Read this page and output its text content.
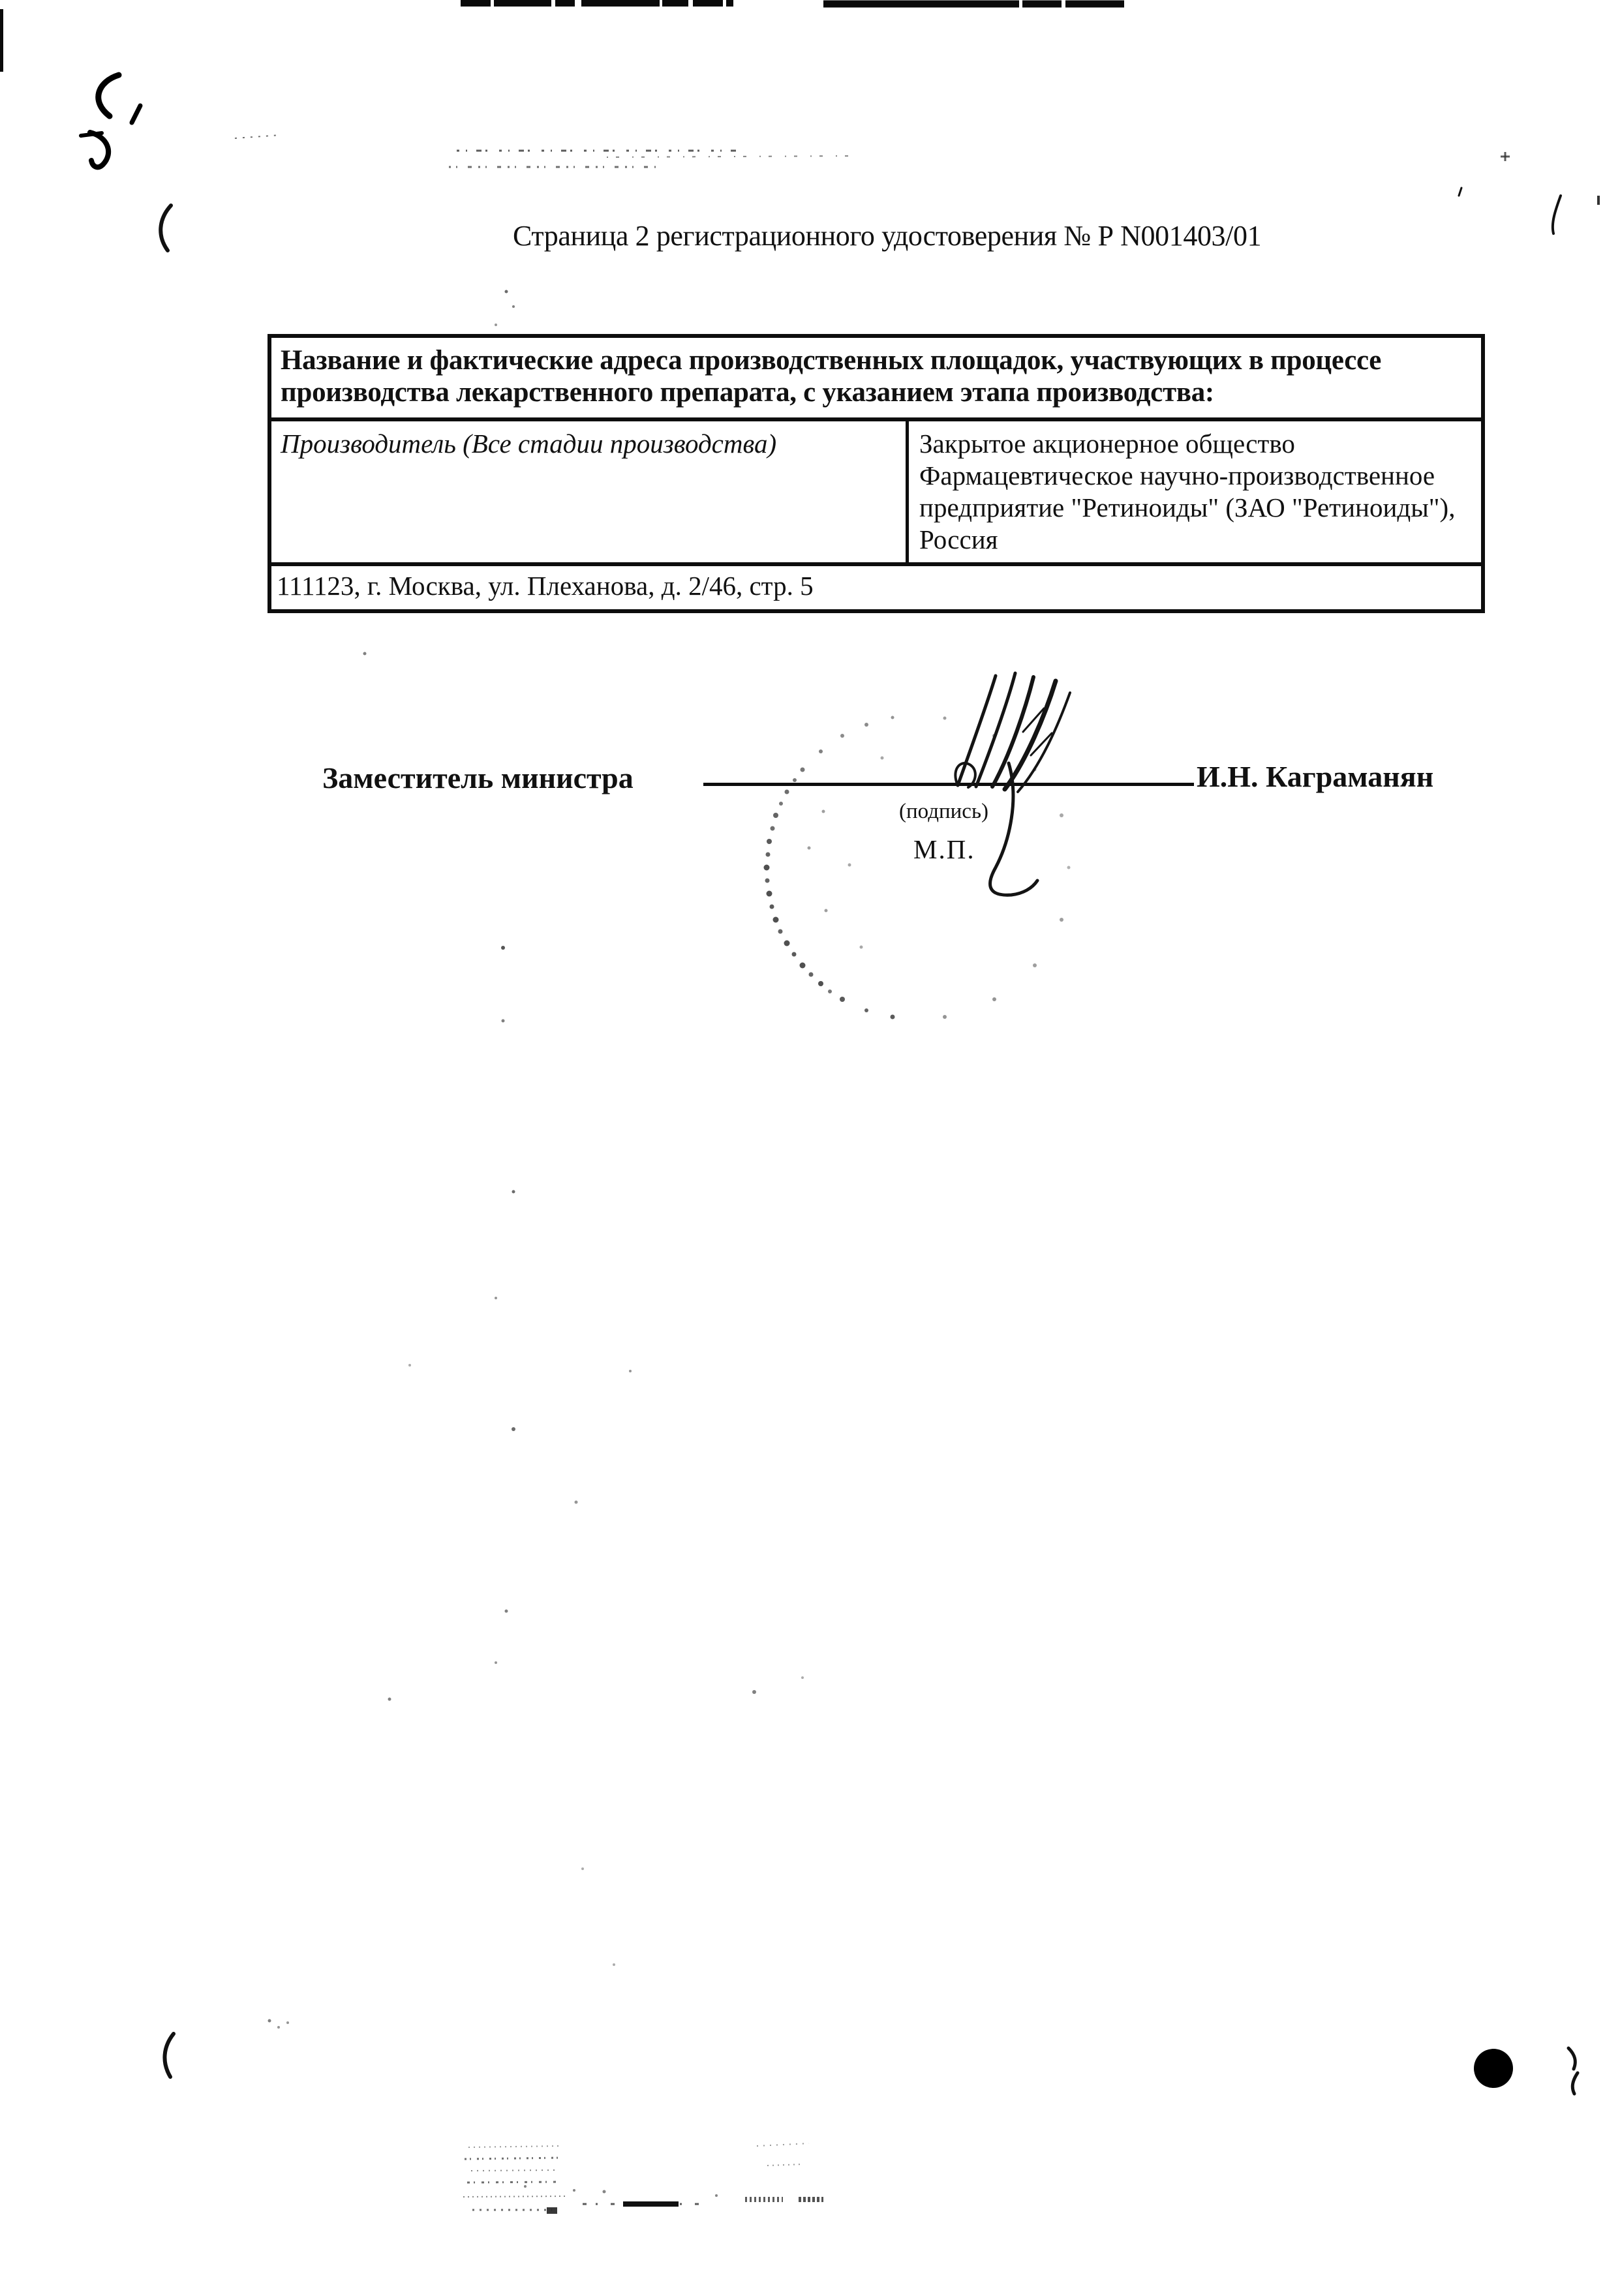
Страница 2 регистрационного удостоверения № Р N001403/01
Название и фактические адреса производственных площадок, участвующих в процессе
производства лекарственного препарата, с указанием этапа производства:
Производитель (Все стадии производства)	Закрытое акционерное общество
Фармацевтическое научно-производственное
предприятие "Ретиноиды" (ЗАО "Ретиноиды"),
Россия
111123, г. Москва, ул. Плеханова, д. 2/46, стр. 5
Заместитель министра	И.Н. Каграманян
(подпись)
М.П.
